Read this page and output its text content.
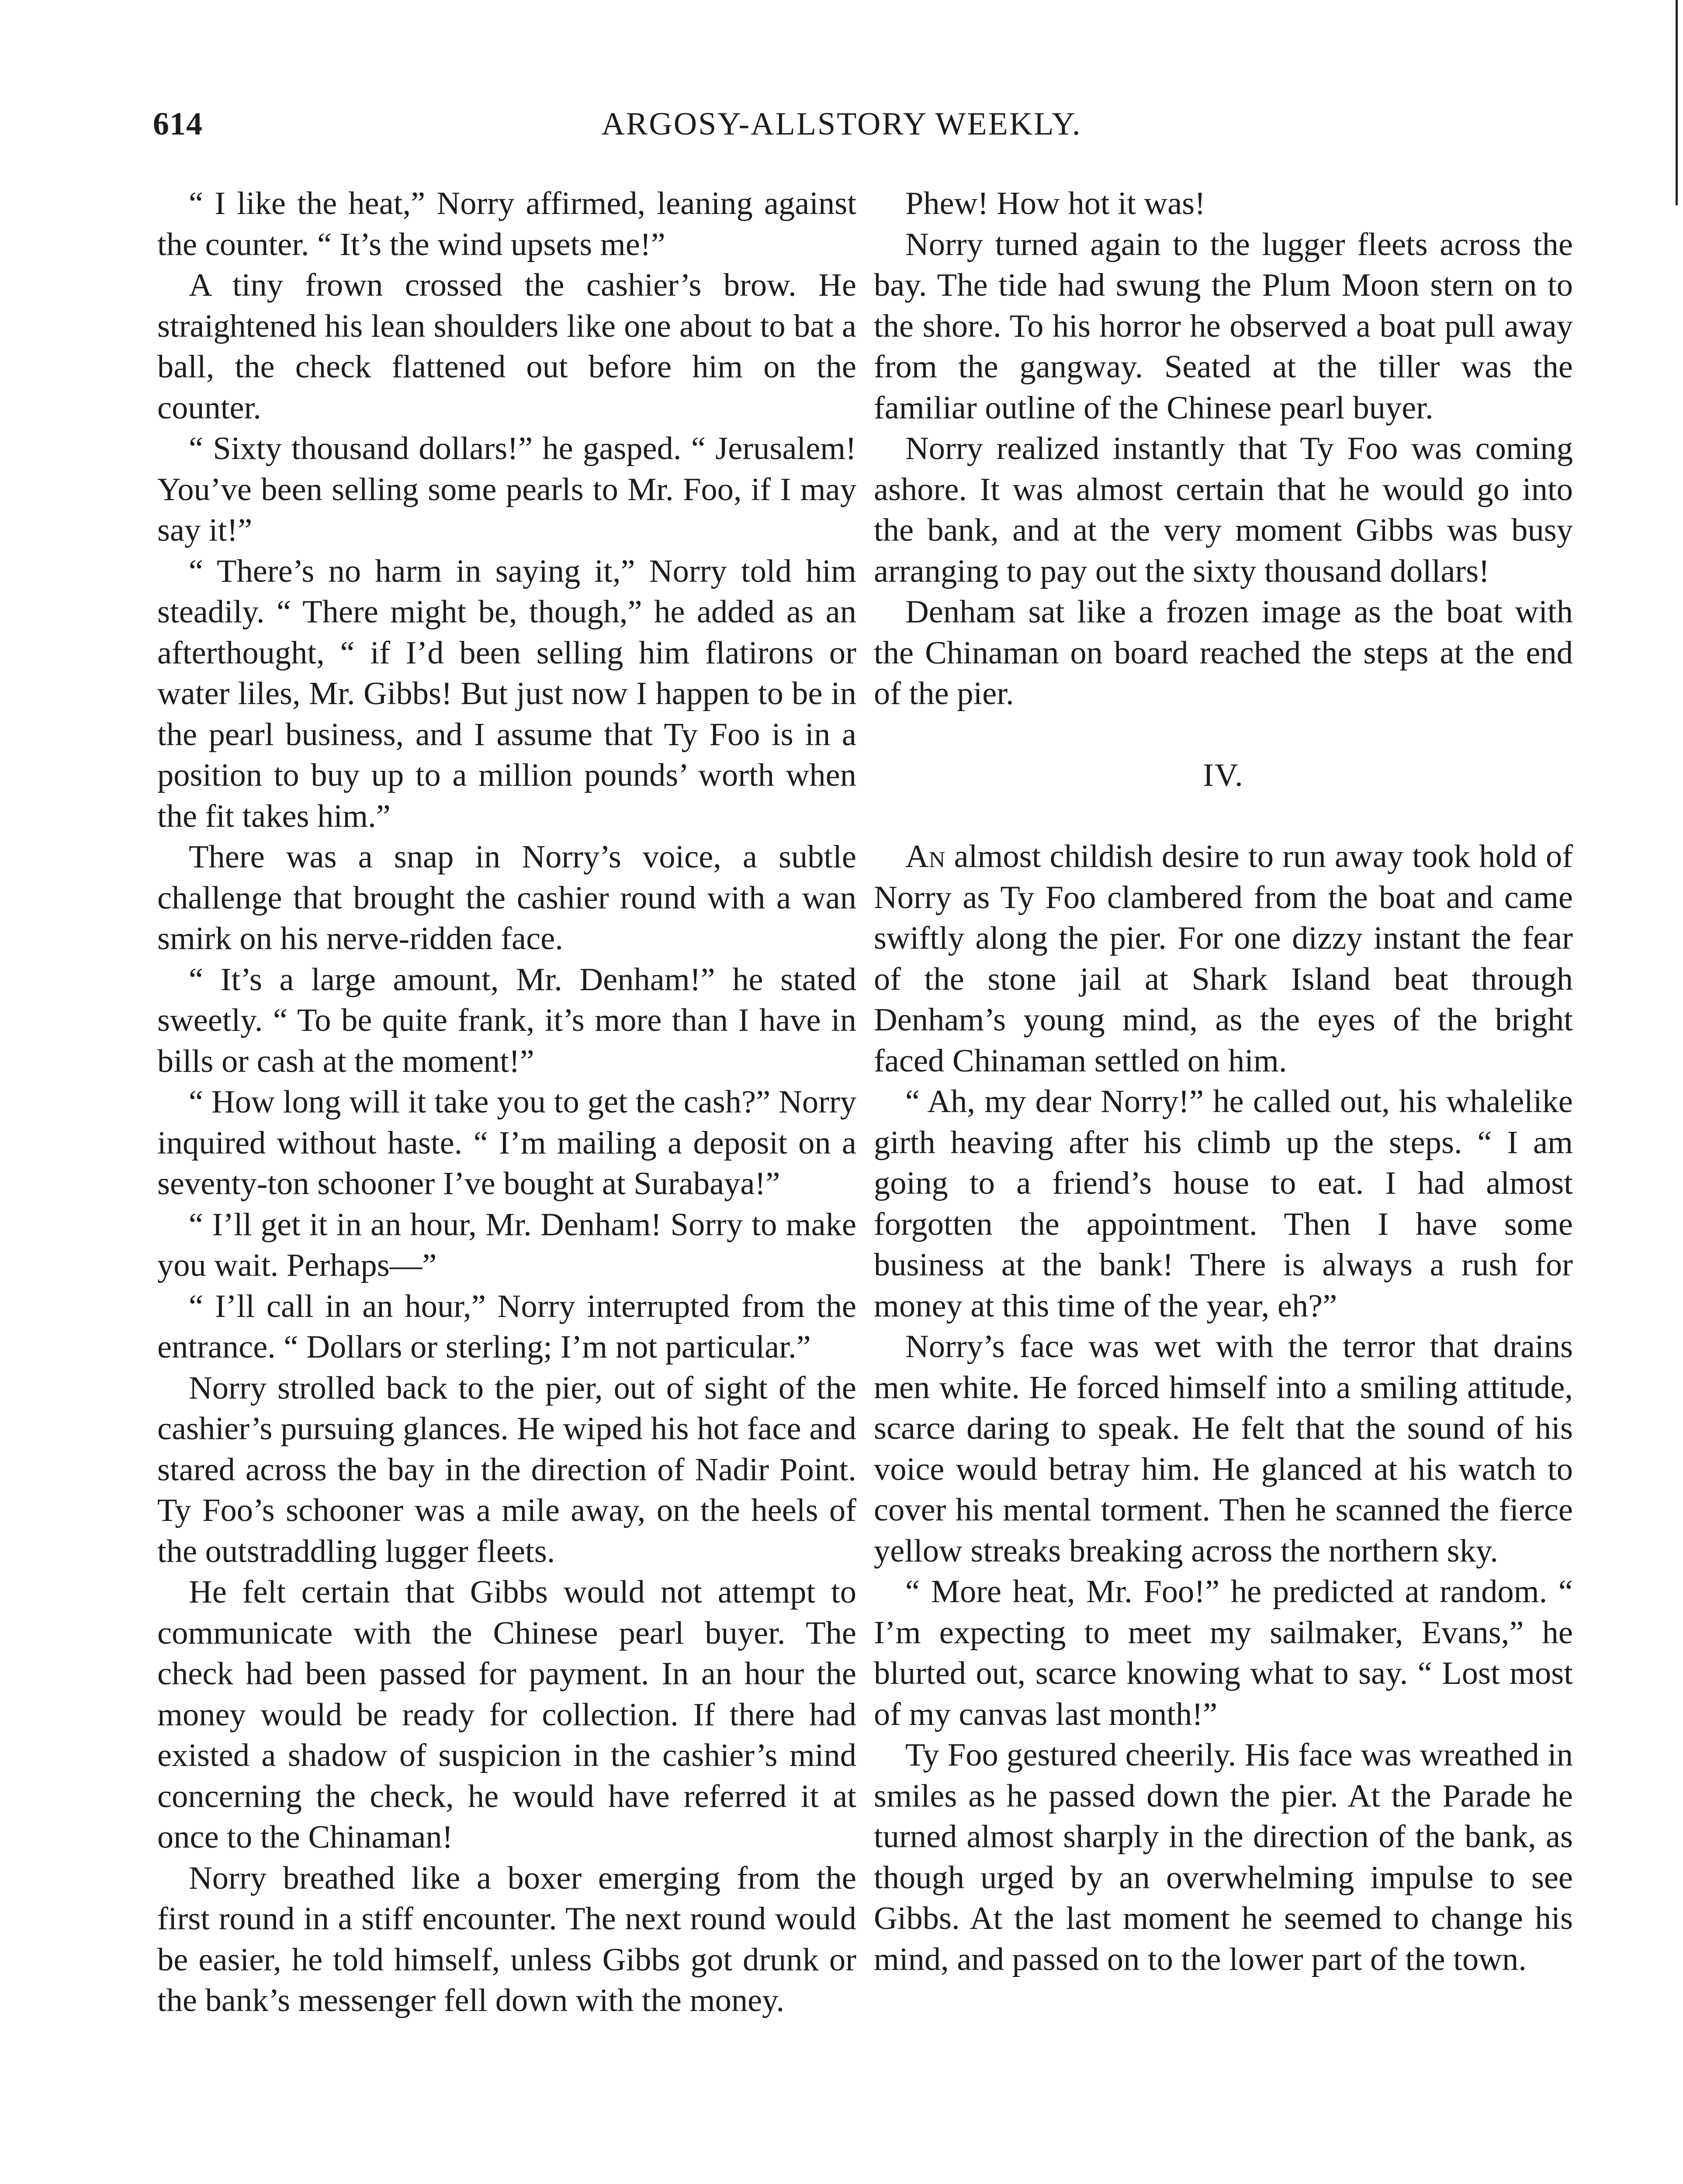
614	ARGOSY-ALLSTORY WEEKLY.

“ I like the heat,” Norry affirmed, leaning against the counter. “ It’s the wind upsets me!”

A tiny frown crossed the cashier’s brow. He straightened his lean shoulders like one about to bat a ball, the check flattened out before him on the counter.

“ Sixty thousand dollars!” he gasped. “ Jerusalem! You’ve been selling some pearls to Mr. Foo, if I may say it!”

“ There’s no harm in saying it,” Norry told him steadily. “ There might be, though,” he added as an afterthought, “ if I’d been selling him flatirons or water liles, Mr. Gibbs! But just now I happen to be in the pearl business, and I assume that Ty Foo is in a position to buy up to a million pounds’ worth when the fit takes him.”

There was a snap in Norry’s voice, a subtle challenge that brought the cashier round with a wan smirk on his nerve-ridden face.

“ It’s a large amount, Mr. Denham!” he stated sweetly. “ To be quite frank, it’s more than I have in bills or cash at the moment!”

“ How long will it take you to get the cash?” Norry inquired without haste. “ I’m mailing a deposit on a seventy-ton schooner I’ve bought at Surabaya!”

“ I’ll get it in an hour, Mr. Denham! Sorry to make you wait. Perhaps—”

“ I’ll call in an hour,” Norry interrupted from the entrance. “ Dollars or sterling; I’m not particular.”

Norry strolled back to the pier, out of sight of the cashier’s pursuing glances. He wiped his hot face and stared across the bay in the direction of Nadir Point. Ty Foo’s schooner was a mile away, on the heels of the outstraddling lugger fleets.

He felt certain that Gibbs would not attempt to communicate with the Chinese pearl buyer. The check had been passed for payment. In an hour the money would be ready for collection. If there had existed a shadow of suspicion in the cashier’s mind concerning the check, he would have referred it at once to the Chinaman!

Norry breathed like a boxer emerging from the first round in a stiff encounter. The next round would be easier, he told himself, unless Gibbs got drunk or the bank’s messenger fell down with the money.

Phew! How hot it was!

Norry turned again to the lugger fleets across the bay. The tide had swung the Plum Moon stern on to the shore. To his horror he observed a boat pull away from the gangway. Seated at the tiller was the familiar outline of the Chinese pearl buyer.

Norry realized instantly that Ty Foo was coming ashore. It was almost certain that he would go into the bank, and at the very moment Gibbs was busy arranging to pay out the sixty thousand dollars!

Denham sat like a frozen image as the boat with the Chinaman on board reached the steps at the end of the pier.

IV.

An almost childish desire to run away took hold of Norry as Ty Foo clambered from the boat and came swiftly along the pier. For one dizzy instant the fear of the stone jail at Shark Island beat through Denham’s young mind, as the eyes of the bright faced Chinaman settled on him.

“ Ah, my dear Norry!” he called out, his whalelike girth heaving after his climb up the steps. “ I am going to a friend’s house to eat. I had almost forgotten the appointment. Then I have some business at the bank! There is always a rush for money at this time of the year, eh?”

Norry’s face was wet with the terror that drains men white. He forced himself into a smiling attitude, scarce daring to speak. He felt that the sound of his voice would betray him. He glanced at his watch to cover his mental torment. Then he scanned the fierce yellow streaks breaking across the northern sky.

“ More heat, Mr. Foo!” he predicted at random. “ I’m expecting to meet my sailmaker, Evans,” he blurted out, scarce knowing what to say. “ Lost most of my canvas last month!”

Ty Foo gestured cheerily. His face was wreathed in smiles as he passed down the pier. At the Parade he turned almost sharply in the direction of the bank, as though urged by an overwhelming impulse to see Gibbs. At the last moment he seemed to change his mind, and passed on to the lower part of the town.
